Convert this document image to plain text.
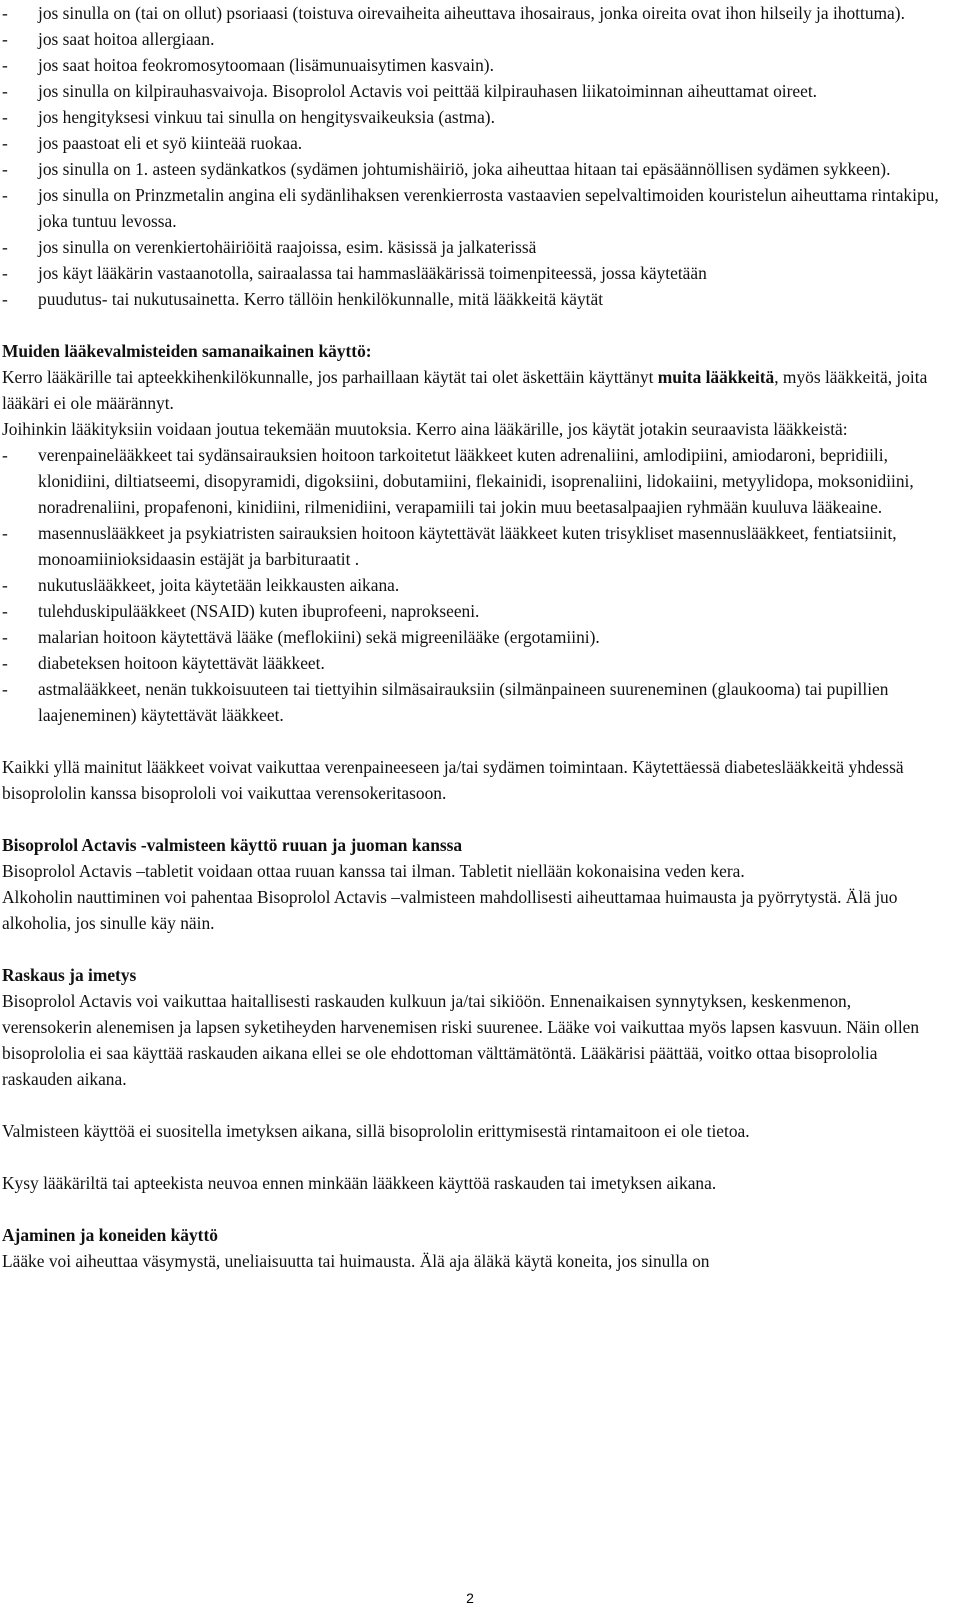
- jos sinulla on (tai on ollut) psoriaasi (toistuva oirevaiheita aiheuttava ihosairaus, jonka oireita ovat ihon hilseily ja ihottuma).
- jos saat hoitoa allergiaan.
- jos saat hoitoa feokromosytoomaan (lisämunuaisytimen kasvain).
- jos sinulla on kilpirauhasvaivoja. Bisoprolol Actavis voi peittää kilpirauhasen liikatoiminnan aiheuttamat oireet.
- jos hengityksesi vinkuu tai sinulla on hengitysvaikeuksia (astma).
- jos paastoat eli et syö kiinteää ruokaa.
- jos sinulla on 1. asteen sydänkatkos (sydämen johtumishäiriö, joka aiheuttaa hitaan tai epäsäännöllisen sydämen sykkeen).
- jos sinulla on Prinzmetalin angina eli sydänlihaksen verenkierrosta vastaavien sepelvaltimoiden kouristelun aiheuttama rintakipu, joka tuntuu levossa.
- jos sinulla on verenkiertohäiriöitä raajoissa, esim. käsissä ja jalkaterissä
- jos käyt lääkärin vastaanotolla, sairaalassa tai hammaslääkärissä toimenpiteessä, jossa käytetään
- puudutus- tai nukutusainetta. Kerro tällöin henkilökunnalle, mitä lääkkeitä käytät
Muiden lääkevalmisteiden samanaikainen käyttö:
Kerro lääkärille tai apteekkihenkilökunnalle, jos parhaillaan käytät tai olet äskettäin käyttänyt muita lääkkeitä, myös lääkkeitä, joita lääkäri ei ole määrännyt.
Joihinkin lääkityksiin voidaan joutua tekemään muutoksia. Kerro aina lääkärille, jos käytät jotakin seuraavista lääkkeistä:
- verenpainelääkkeet tai sydänsairauksien hoitoon tarkoitetut lääkkeet kuten adrenaliini, amlodipiini, amiodaroni, bepridiili, klonidiini, diltiatseemi, disopyramidi, digoksiini, dobutamiini, flekainidi, isoprenaliini, lidokaiini, metyylidopa, moksonidiini, noradrenaliini, propafenoni, kinidiini, rilmenidiini, verapamiili tai jokin muu beetasalpaajien ryhmään kuuluva lääkeaine.
- masennuslääkkeet ja psykiatristen sairauksien hoitoon käytettävät lääkkeet kuten trisykliset masennuslääkkeet, fentiatsiinit, monoamiinioksidaasin estäjät ja barbituraatit .
- nukutuslääkkeet, joita käytetään leikkausten aikana.
- tulehduskipulääkkeet (NSAID) kuten ibuprofeeni, naprokseeni.
- malarian hoitoon käytettävä lääke (meflokiini) sekä migreenilääke (ergotamiini).
- diabeteksen hoitoon käytettävät lääkkeet.
- astmalääkkeet, nenän tukkoisuuteen tai tiettyihin silmäsairauksiin (silmänpaineen suureneminen (glaukooma) tai pupillien laajeneminen) käytettävät lääkkeet.
Kaikki yllä mainitut lääkkeet voivat vaikuttaa verenpaineeseen ja/tai sydämen toimintaan. Käytettäessä diabeteslääkkeitä yhdessä bisoprololin kanssa bisoprololi voi vaikuttaa verensokeritasoon.
Bisoprolol Actavis -valmisteen käyttö ruuan ja juoman kanssa
Bisoprolol Actavis –tabletit voidaan ottaa ruuan kanssa tai ilman. Tabletit niellään kokonaisina veden kera.
Alkoholin nauttiminen voi pahentaa Bisoprolol Actavis –valmisteen mahdollisesti aiheuttamaa huimausta ja pyörrytystä. Älä juo alkoholia, jos sinulle käy näin.
Raskaus ja imetys
Bisoprolol Actavis voi vaikuttaa haitallisesti raskauden kulkuun ja/tai sikiöön. Ennenaikaisen synnytyksen, keskenmenon, verensokerin alenemisen ja lapsen syketiheyden harvenemisen riski suurenee. Lääke voi vaikuttaa myös lapsen kasvuun. Näin ollen bisoprololia ei saa käyttää raskauden aikana ellei se ole ehdottoman välttämätöntä. Lääkärisi päättää, voitko ottaa bisoprololia raskauden aikana.
Valmisteen käyttöä ei suositella imetyksen aikana, sillä bisoprololin erittymisestä rintamaitoon ei ole tietoa.
Kysy lääkäriltä tai apteekista neuvoa ennen minkään lääkkeen käyttöä raskauden tai imetyksen aikana.
Ajaminen ja koneiden käyttö
Lääke voi aiheuttaa väsymystä, uneliaisuutta tai huimausta. Älä aja äläkä käytä koneita, jos sinulla on
2
